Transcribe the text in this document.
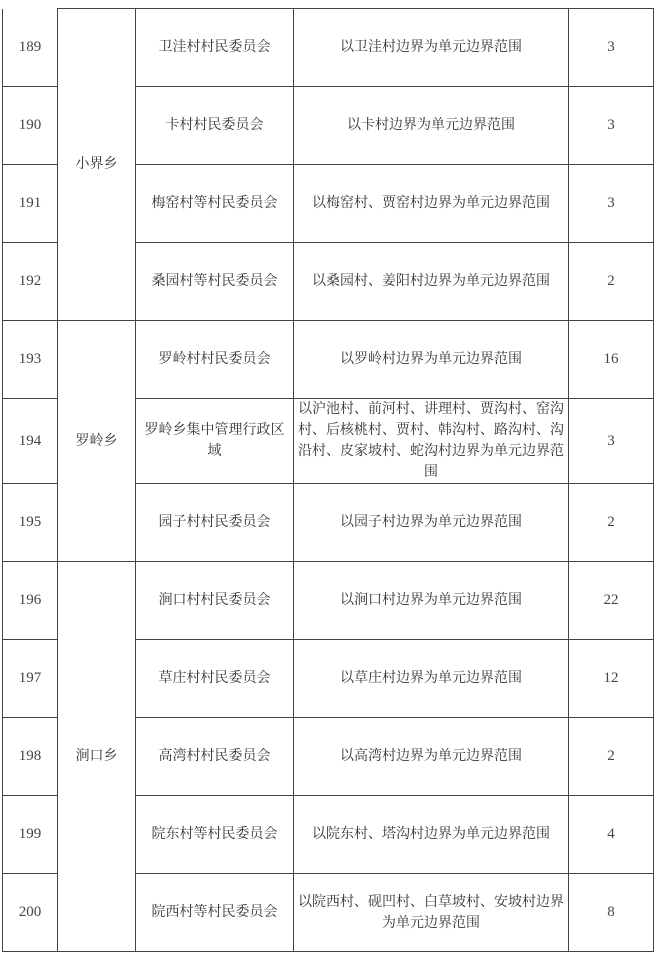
189	小界乡	卫洼村村民委员会	以卫洼村边界为单元边界范围	3
190		卡村村民委员会	以卡村边界为单元边界范围	3
191		梅窑村等村民委员会	以梅窑村、贾窑村边界为单元边界范围	3
192		桑园村等村民委员会	以桑园村、姜阳村边界为单元边界范围	2
193	罗岭乡	罗岭村村民委员会	以罗岭村边界为单元边界范围	16
194		罗岭乡集中管理行政区域	以沪池村、前河村、讲理村、贾沟村、窑沟村、后核桃村、贾村、韩沟村、路沟村、沟沿村、皮家坡村、蛇沟村边界为单元边界范围	3
195		园子村村民委员会	以园子村边界为单元边界范围	2
196	涧口乡	涧口村村民委员会	以涧口村边界为单元边界范围	22
197		草庄村村民委员会	以草庄村边界为单元边界范围	12
198		高湾村村民委员会	以高湾村边界为单元边界范围	2
199		院东村等村民委员会	以院东村、塔沟村边界为单元边界范围	4
200		院西村等村民委员会	以院西村、砚凹村、白草坡村、安坡村边界为单元边界范围	8
